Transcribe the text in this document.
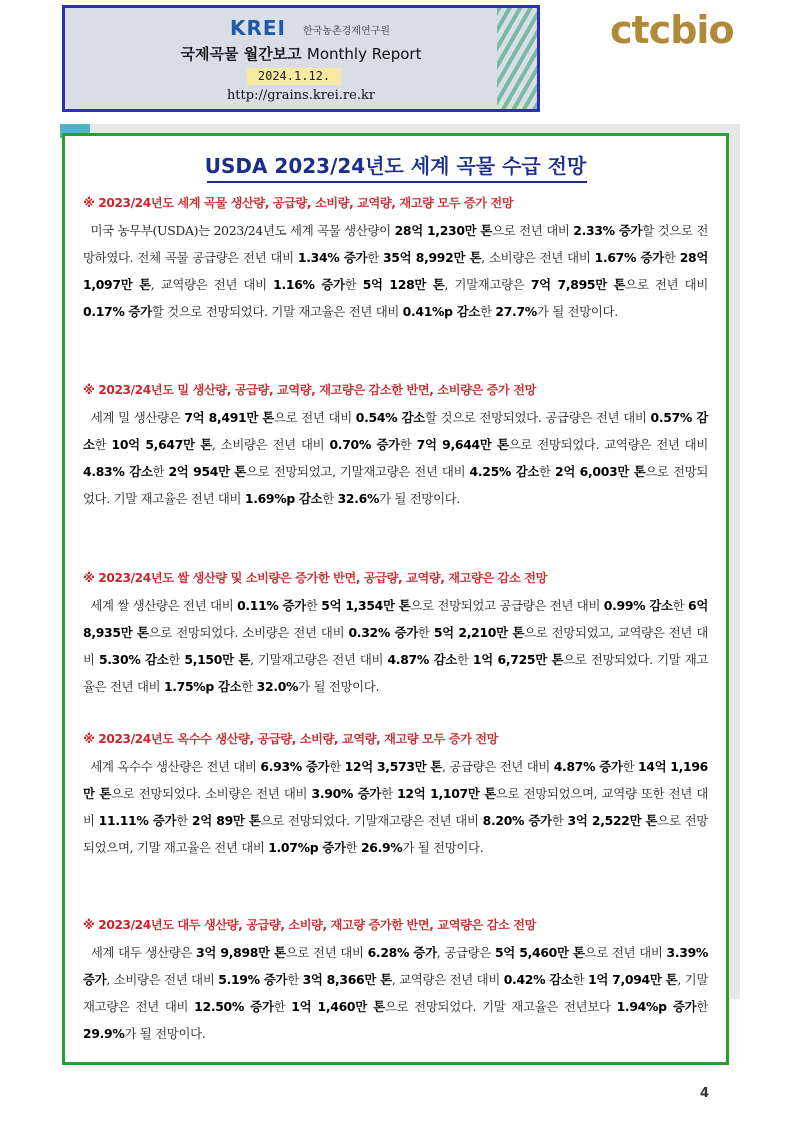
KREI 한국농촌경제연구원
국제곡물 월간보고 Monthly Report
2024.1.12.
http://grains.krei.re.kr
ctcbio
USDA 2023/24년도 세계 곡물 수급 전망
※ 2023/24년도 세계 곡물 생산량, 공급량, 소비량, 교역량, 재고량 모두 증가 전망

미국 농무부(USDA)는 2023/24년도 세계 곡물 생산량이 28억 1,230만 톤으로 전년 대비 2.33% 증가할 것으로 전망하였다. 전체 곡물 공급량은 전년 대비 1.34% 증가한 35억 8,992만 톤, 소비량은 전년 대비 1.67% 증가한 28억 1,097만 톤, 교역량은 전년 대비 1.16% 증가한 5억 128만 톤, 기말재고량은 7억 7,895만 톤으로 전년 대비 0.17% 증가할 것으로 전망되었다. 기말 재고율은 전년 대비 0.41%p 감소한 27.7%가 될 전망이다.

※ 2023/24년도 밀 생산량, 공급량, 교역량, 재고량은 감소한 반면, 소비량은 증가 전망

세계 밀 생산량은 7억 8,491만 톤으로 전년 대비 0.54% 감소할 것으로 전망되었다. 공급량은 전년 대비 0.57% 감소한 10억 5,647만 톤, 소비량은 전년 대비 0.70% 증가한 7억 9,644만 톤으로 전망되었다. 교역량은 전년 대비 4.83% 감소한 2억 954만 톤으로 전망되었고, 기말재고량은 전년 대비 4.25% 감소한 2억 6,003만 톤으로 전망되었다. 기말 재고율은 전년 대비 1.69%p 감소한 32.6%가 될 전망이다.

※ 2023/24년도 쌀 생산량 및 소비량은 증가한 반면, 공급량, 교역량, 재고량은 감소 전망

세계 쌀 생산량은 전년 대비 0.11% 증가한 5억 1,354만 톤으로 전망되었고 공급량은 전년 대비 0.99% 감소한 6억 8,935만 톤으로 전망되었다. 소비량은 전년 대비 0.32% 증가한 5억 2,210만 톤으로 전망되었고, 교역량은 전년 대비 5.30% 감소한 5,150만 톤, 기말재고량은 전년 대비 4.87% 감소한 1억 6,725만 톤으로 전망되었다. 기말 재고율은 전년 대비 1.75%p 감소한 32.0%가 될 전망이다.

※ 2023/24년도 옥수수 생산량, 공급량, 소비량, 교역량, 재고량 모두 증가 전망

세계 옥수수 생산량은 전년 대비 6.93% 증가한 12억 3,573만 톤, 공급량은 전년 대비 4.87% 증가한 14억 1,196만 톤으로 전망되었다. 소비량은 전년 대비 3.90% 증가한 12억 1,107만 톤으로 전망되었으며, 교역량 또한 전년 대비 11.11% 증가한 2억 89만 톤으로 전망되었다. 기말재고량은 전년 대비 8.20% 증가한 3억 2,522만 톤으로 전망되었으며, 기말 재고율은 전년 대비 1.07%p 증가한 26.9%가 될 전망이다.

※ 2023/24년도 대두 생산량, 공급량, 소비량, 재고량 증가한 반면, 교역량은 감소 전망

세계 대두 생산량은 3억 9,898만 톤으로 전년 대비 6.28% 증가, 공급량은 5억 5,460만 톤으로 전년 대비 3.39% 증가, 소비량은 전년 대비 5.19% 증가한 3억 8,366만 톤, 교역량은 전년 대비 0.42% 감소한 1억 7,094만 톤, 기말재고량은 전년 대비 12.50% 증가한 1억 1,460만 톤으로 전망되었다. 기말 재고율은 전년보다 1.94%p 증가한 29.9%가 될 전망이다.

4
